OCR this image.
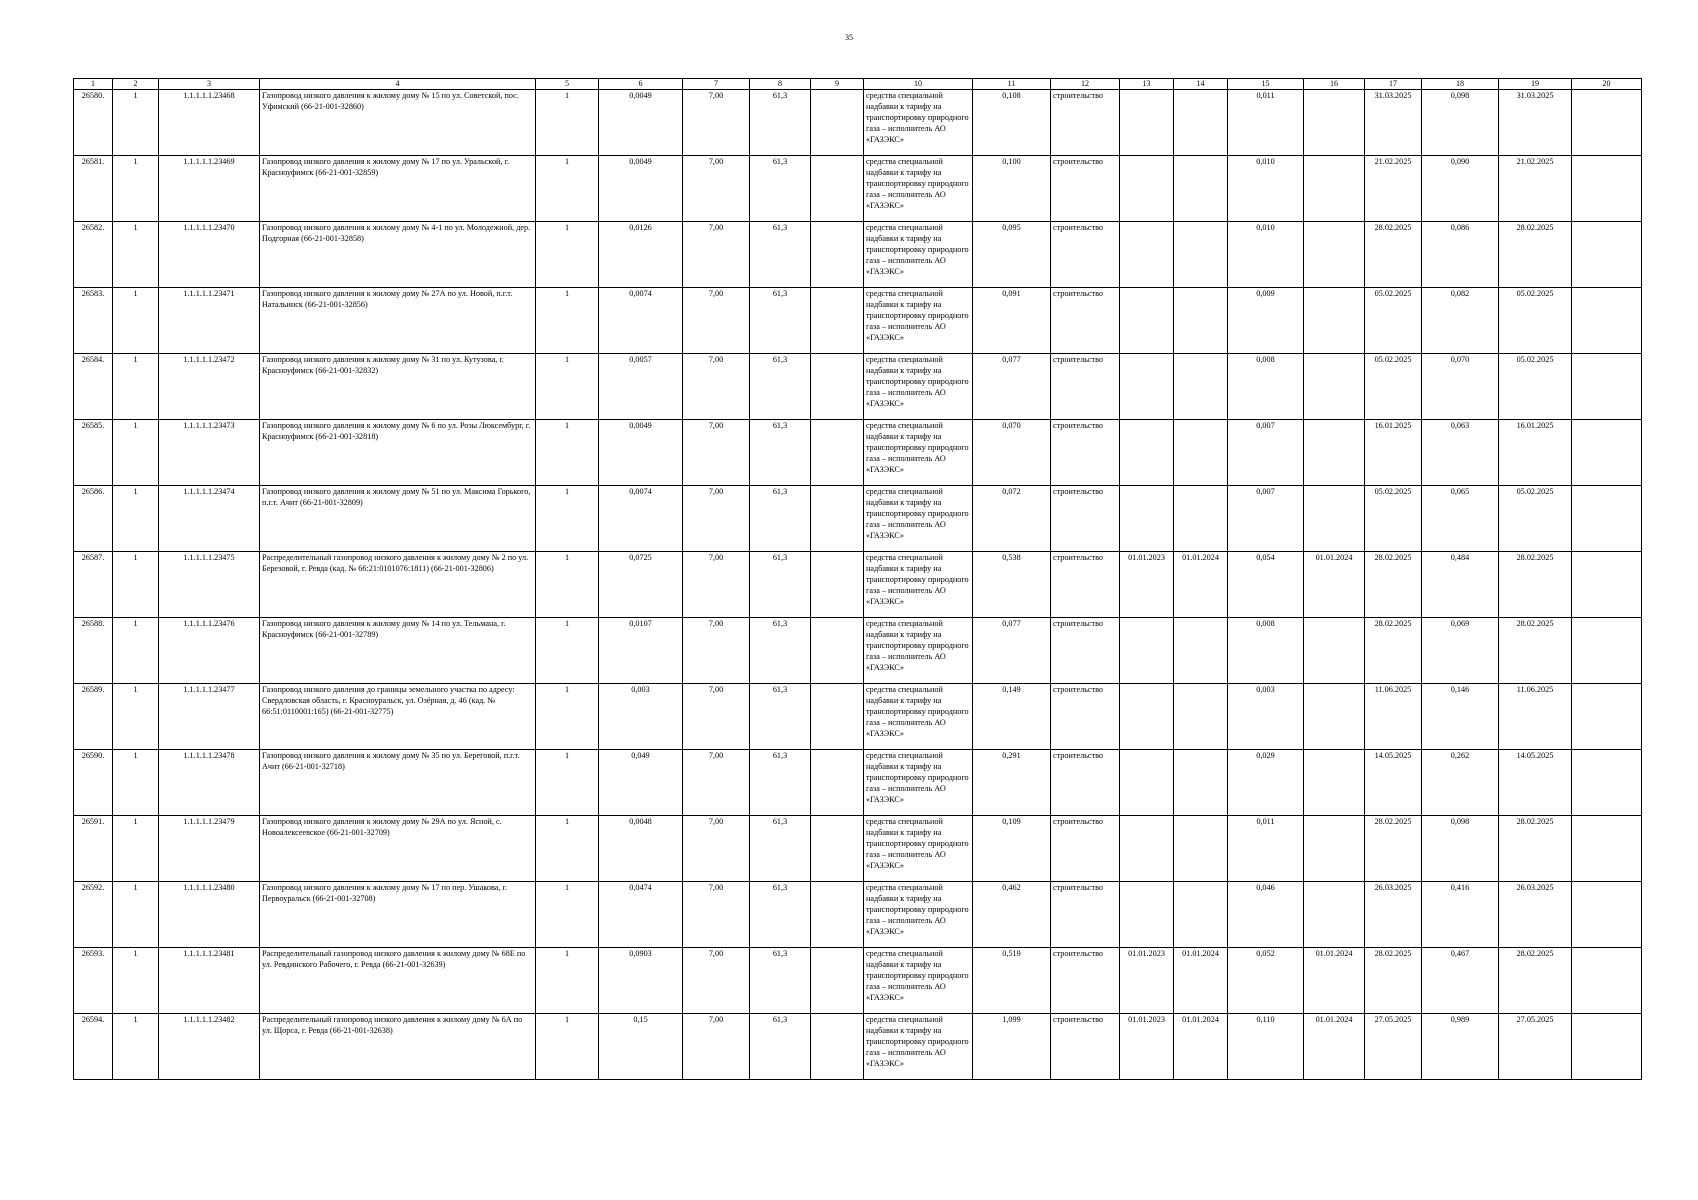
35
1	2	3	4	5	6	7	8	9	10	11	12	13	14	15	16	17	18	19	20
26580.	1	1.1.1.1.1.23468	Газопровод низкого давления к жилому дому № 15 по ул. Советской, пос. Уфимский (66-21-001-32860)	1	0,0049	7,00	61,3		средства специальной надбавки к тарифу на транспортировку природного газа – исполнитель АО «ГАЗЭКС»	0,108	строительство			0,011		31.03.2025	0,098	31.03.2025	
26581.	1	1.1.1.1.1.23469	Газопровод низкого давления к жилому дому № 17 по ул. Уральской, г. Красноуфимск (66-21-001-32859)	1	0,0049	7,00	61,3		средства специальной надбавки к тарифу на транспортировку природного газа – исполнитель АО «ГАЗЭКС»	0,100	строительство			0,010		21.02.2025	0,090	21.02.2025	
26582.	1	1.1.1.1.1.23470	Газопровод низкого давления к жилому дому № 4-1 по ул. Молодежной, дер. Подгорная (66-21-001-32858)	1	0,0126	7,00	61,3		средства специальной надбавки к тарифу на транспортировку природного газа – исполнитель АО «ГАЗЭКС»	0,095	строительство			0,010		28.02.2025	0,086	28.02.2025	
26583.	1	1.1.1.1.1.23471	Газопровод низкого давления к жилому дому № 27А по ул. Новой, п.г.т. Натальинск (66-21-001-32856)	1	0,0074	7,00	61,3		средства специальной надбавки к тарифу на транспортировку природного газа – исполнитель АО «ГАЗЭКС»	0,091	строительство			0,009		05.02.2025	0,082	05.02.2025	
26584.	1	1.1.1.1.1.23472	Газопровод низкого давления к жилому дому № 31 по ул. Кутузова, г. Красноуфимск (66-21-001-32832)	1	0,0057	7,00	61,3		средства специальной надбавки к тарифу на транспортировку природного газа – исполнитель АО «ГАЗЭКС»	0,077	строительство			0,008		05.02.2025	0,070	05.02.2025	
26585.	1	1.1.1.1.1.23473	Газопровод низкого давления к жилому дому № 6 по ул. Розы Люксембург, г. Красноуфимск (66-21-001-32818)	1	0,0049	7,00	61,3		средства специальной надбавки к тарифу на транспортировку природного газа – исполнитель АО «ГАЗЭКС»	0,070	строительство			0,007		16.01.2025	0,063	16.01.2025	
26586.	1	1.1.1.1.1.23474	Газопровод низкого давления к жилому дому № 51 по ул. Максима Горького, п.г.т. Ачит (66-21-001-32809)	1	0,0074	7,00	61,3		средства специальной надбавки к тарифу на транспортировку природного газа – исполнитель АО «ГАЗЭКС»	0,072	строительство			0,007		05.02.2025	0,065	05.02.2025	
26587.	1	1.1.1.1.1.23475	Распределительный газопровод низкого давления к жилому дому № 2 по ул. Березовой, г. Ревда (кад. № 66:21:0101076:1811) (66-21-001-32806)	1	0,0725	7,00	61,3		средства специальной надбавки к тарифу на транспортировку природного газа – исполнитель АО «ГАЗЭКС»	0,538	строительство	01.01.2023	01.01.2024	0,054	01.01.2024	28.02.2025	0,484	28.02.2025	
26588.	1	1.1.1.1.1.23476	Газопровод низкого давления к жилому дому № 14 по ул. Тельмана, г. Красноуфимск (66-21-001-32789)	1	0,0107	7,00	61,3		средства специальной надбавки к тарифу на транспортировку природного газа – исполнитель АО «ГАЗЭКС»	0,077	строительство			0,008		28.02.2025	0,069	28.02.2025	
26589.	1	1.1.1.1.1.23477	Газопровод низкого давления до границы земельного участка по адресу: Свердловская область, г. Красноуральск, ул. Озёрная, д. 46 (кад. № 66:51:0110001:165) (66-21-001-32775)	1	0,003	7,00	61,3		средства специальной надбавки к тарифу на транспортировку природного газа – исполнитель АО «ГАЗЭКС»	0,149	строительство			0,003		11.06.2025	0,146	11.06.2025	
26590.	1	1.1.1.1.1.23478	Газопровод низкого давления к жилому дому № 35 по ул. Береговой, п.г.т. Ачит (66-21-001-32718)	1	0,049	7,00	61,3		средства специальной надбавки к тарифу на транспортировку природного газа – исполнитель АО «ГАЗЭКС»	0,291	строительство			0,029		14.05.2025	0,262	14.05.2025	
26591.	1	1.1.1.1.1.23479	Газопровод низкого давления к жилому дому № 29А по ул. Ясной, с. Новоалексеевское (66-21-001-32709)	1	0,0048	7,00	61,3		средства специальной надбавки к тарифу на транспортировку природного газа – исполнитель АО «ГАЗЭКС»	0,109	строительство			0,011		28.02.2025	0,098	28.02.2025	
26592.	1	1.1.1.1.1.23480	Газопровод низкого давления к жилому дому № 17 по пер. Ушакова, г. Первоуральск (66-21-001-32708)	1	0,0474	7,00	61,3		средства специальной надбавки к тарифу на транспортировку природного газа – исполнитель АО «ГАЗЭКС»	0,462	строительство			0,046		26.03.2025	0,416	26.03.2025	
26593.	1	1.1.1.1.1.23481	Распределительный газопровод низкого давления к жилому дому № 68Е по ул. Ревдинского Рабочего, г. Ревда (66-21-001-32639)	1	0,0903	7,00	61,3		средства специальной надбавки к тарифу на транспортировку природного газа – исполнитель АО «ГАЗЭКС»	0,519	строительство	01.01.2023	01.01.2024	0,052	01.01.2024	28.02.2025	0,467	28.02.2025	
26594.	1	1.1.1.1.1.23482	Распределительный газопровод низкого давления к жилому дому № 6А по ул. Щорса, г. Ревда (66-21-001-32638)	1	0,15	7,00	61,3		средства специальной надбавки к тарифу на транспортировку природного газа – исполнитель АО «ГАЗЭКС»	1,099	строительство	01.01.2023	01.01.2024	0,110	01.01.2024	27.05.2025	0,989	27.05.2025	
